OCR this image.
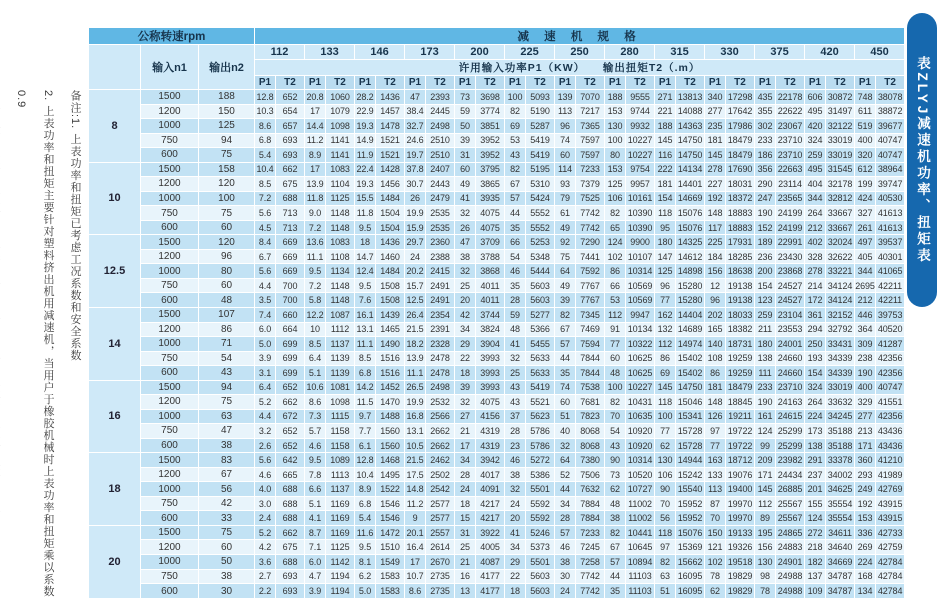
备注:1. 上表功率和扭矩已考虑工况系数和安全系数
2. 上表功率和扭矩主要针对塑料挤出机用减速机，当用户于橡胶机械时上表功率和扭矩乘以系数0.9
公称转速rpm			减 速 机 规 格																									
	输入n1	输出n2	112		133		146		173		200		225		250		280		315		330		375		420		450	
			许用输入功率P1（KW）　　输出扭矩T2（.m）																									
			P1	T2	P1	T2	P1	T2	P1	T2	P1	T2	P1	T2	P1	T2	P1	T2	P1	T2	P1	T2	P1	T2	P1	T2	P1	T2
8	1500	188	12.8	652	20.8	1060	28.2	1436	47	2393	73	3698	100	5093	139	7070	188	9555	271	13813	340	17298	435	22178	606	30872	748	38078
	1200	150	10.3	654	17	1079	22.9	1457	38.4	2445	59	3774	82	5190	113	7217	153	9744	221	14088	277	17642	355	22622	495	31497	611	38872
	1000	125	8.6	657	14.4	1098	19.3	1478	32.7	2498	50	3851	69	5287	96	7365	130	9932	188	14363	235	17986	302	23067	420	32122	519	39677
	750	94	6.8	693	11.2	1141	14.9	1521	24.6	2510	39	3952	53	5419	74	7597	100	10227	145	14750	181	18479	233	23710	324	33019	400	40747
	600	75	5.4	693	8.9	1141	11.9	1521	19.7	2510	31	3952	43	5419	60	7597	80	10227	116	14750	145	18479	186	23710	259	33019	320	40747
10	1500	158	10.4	662	17	1083	22.4	1428	37.8	2407	60	3795	82	5195	114	7233	153	9754	222	14134	278	17690	356	22663	495	31545	612	38964
	1200	120	8.5	675	13.9	1104	19.3	1456	30.7	2443	49	3865	67	5310	93	7379	125	9957	181	14401	227	18031	290	23114	404	32178	199	39747
	1000	100	7.2	688	11.8	1125	15.5	1484	26	2479	41	3935	57	5424	79	7525	106	10161	154	14669	192	18372	247	23565	344	32812	424	40530
	750	75	5.6	713	9.0	1148	11.8	1504	19.9	2535	32	4075	44	5552	61	7742	82	10390	118	15076	148	18883	190	24199	264	33667	327	41613
	600	60	4.5	713	7.2	1148	9.5	1504	15.9	2535	26	4075	35	5552	49	7742	65	10390	95	15076	117	18883	152	24199	212	33667	261	41613
12.5	1500	120	8.4	669	13.6	1083	18	1436	29.7	2360	47	3709	66	5253	92	7290	124	9900	180	14325	225	17931	189	22991	402	32024	497	39537
	1200	96	6.7	669	11.1	1108	14.7	1460	24	2388	38	3788	54	5348	75	7441	102	10107	147	14612	184	18285	236	23430	328	32622	405	40301
	1000	80	5.6	669	9.5	1134	12.4	1484	20.2	2415	32	3868	46	5444	64	7592	86	10314	125	14898	156	18638	200	23868	278	33221	344	41065
	750	60	4.4	700	7.2	1148	9.5	1508	15.7	2491	25	4011	35	5603	49	7767	66	10569	96	15280	12	19138	154	24527	214	34124	2695	42211
	600	48	3.5	700	5.8	1148	7.6	1508	12.5	2491	20	4011	28	5603	39	7767	53	10569	77	15280	96	19138	123	24527	172	34124	212	42211
14	1500	107	7.4	660	12.2	1087	16.1	1439	26.4	2354	42	3744	59	5277	82	7345	112	9947	162	14404	202	18033	259	23104	361	32152	446	39753
	1200	86	6.0	664	10	1112	13.1	1465	21.5	2391	34	3824	48	5366	67	7469	91	10134	132	14689	165	18382	211	23553	294	32792	364	40520
	1000	71	5.0	699	8.5	1137	11.1	1490	18.2	2328	29	3904	41	5455	57	7594	77	10322	112	14974	140	18731	180	24001	250	33431	309	41287
	750	54	3.9	699	6.4	1139	8.5	1516	13.9	2478	22	3993	32	5633	44	7844	60	10625	86	15402	108	19259	138	24660	193	34339	238	42356
	600	43	3.1	699	5.1	1139	6.8	1516	11.1	2478	18	3993	25	5633	35	7844	48	10625	69	15402	86	19259	111	24660	154	34339	190	42356
16	1500	94	6.4	652	10.6	1081	14.2	1452	26.5	2498	39	3993	43	5419	74	7538	100	10227	145	14750	181	18479	233	23710	324	33019	400	40747
	1200	75	5.2	662	8.6	1098	11.5	1470	19.9	2532	32	4075	43	5521	60	7681	82	10431	118	15046	148	18845	190	24163	264	33632	329	41551
	1000	63	4.4	672	7.3	1115	9.7	1488	16.8	2566	27	4156	37	5623	51	7823	70	10635	100	15341	126	19211	161	24615	224	34245	277	42356
	750	47	3.2	652	5.7	1158	7.7	1560	13.1	2662	21	4319	28	5786	40	8068	54	10920	77	15728	97	19722	124	25299	173	35188	213	43436
	600	38	2.6	652	4.6	1158	6.1	1560	10.5	2662	17	4319	23	5786	32	8068	43	10920	62	15728	77	19722	99	25299	138	35188	171	43436
18	1500	83	5.6	642	9.5	1089	12.8	1468	21.5	2462	34	3942	46	5272	64	7380	90	10314	130	14944	163	18712	209	23982	291	33378	360	41210
	1200	67	4.6	665	7.8	1113	10.4	1495	17.5	2502	28	4017	38	5386	52	7506	73	10520	106	15242	133	19076	171	24434	237	34002	293	41989
	1000	56	4.0	688	6.6	1137	8.9	1522	14.8	2542	24	4091	32	5501	44	7632	62	10727	90	15540	113	19400	145	26885	201	34625	249	42769
	750	42	3.0	688	5.1	1169	6.8	1546	11.2	2577	18	4217	24	5592	34	7884	48	11002	70	15952	87	19970	112	25567	155	35554	192	43915
	600	33	2.4	688	4.1	1169	5.4	1546	9	2577	15	4217	20	5592	28	7884	38	11002	56	15952	70	19970	89	25567	124	35554	153	43915
20	1500	75	5.2	662	8.7	1169	11.6	1472	20.1	2557	31	3922	41	5246	57	7233	82	10441	118	15076	150	19133	195	24865	272	34611	336	42733
	1200	60	4.2	675	7.1	1125	9.5	1510	16.4	2614	25	4005	34	5373	46	7245	67	10645	97	15369	121	19326	156	24883	218	34640	269	42759
	1000	50	3.6	688	6.0	1142	8.1	1549	17	2670	21	4087	29	5501	38	7258	57	10894	82	15662	102	19518	130	24901	182	34669	224	42784
	750	38	2.7	693	4.7	1194	6.2	1583	10.7	2735	16	4177	22	5603	30	7742	44	11103	63	16095	78	19829	98	24988	137	34787	168	42784
	600	30	2.2	693	3.9	1194	5.0	1583	8.6	2735	13	4177	18	5603	24	7742	35	11103	51	16095	62	19829	78	24988	109	34787	134	42784
表ZLYJ减速机功率、扭矩表
